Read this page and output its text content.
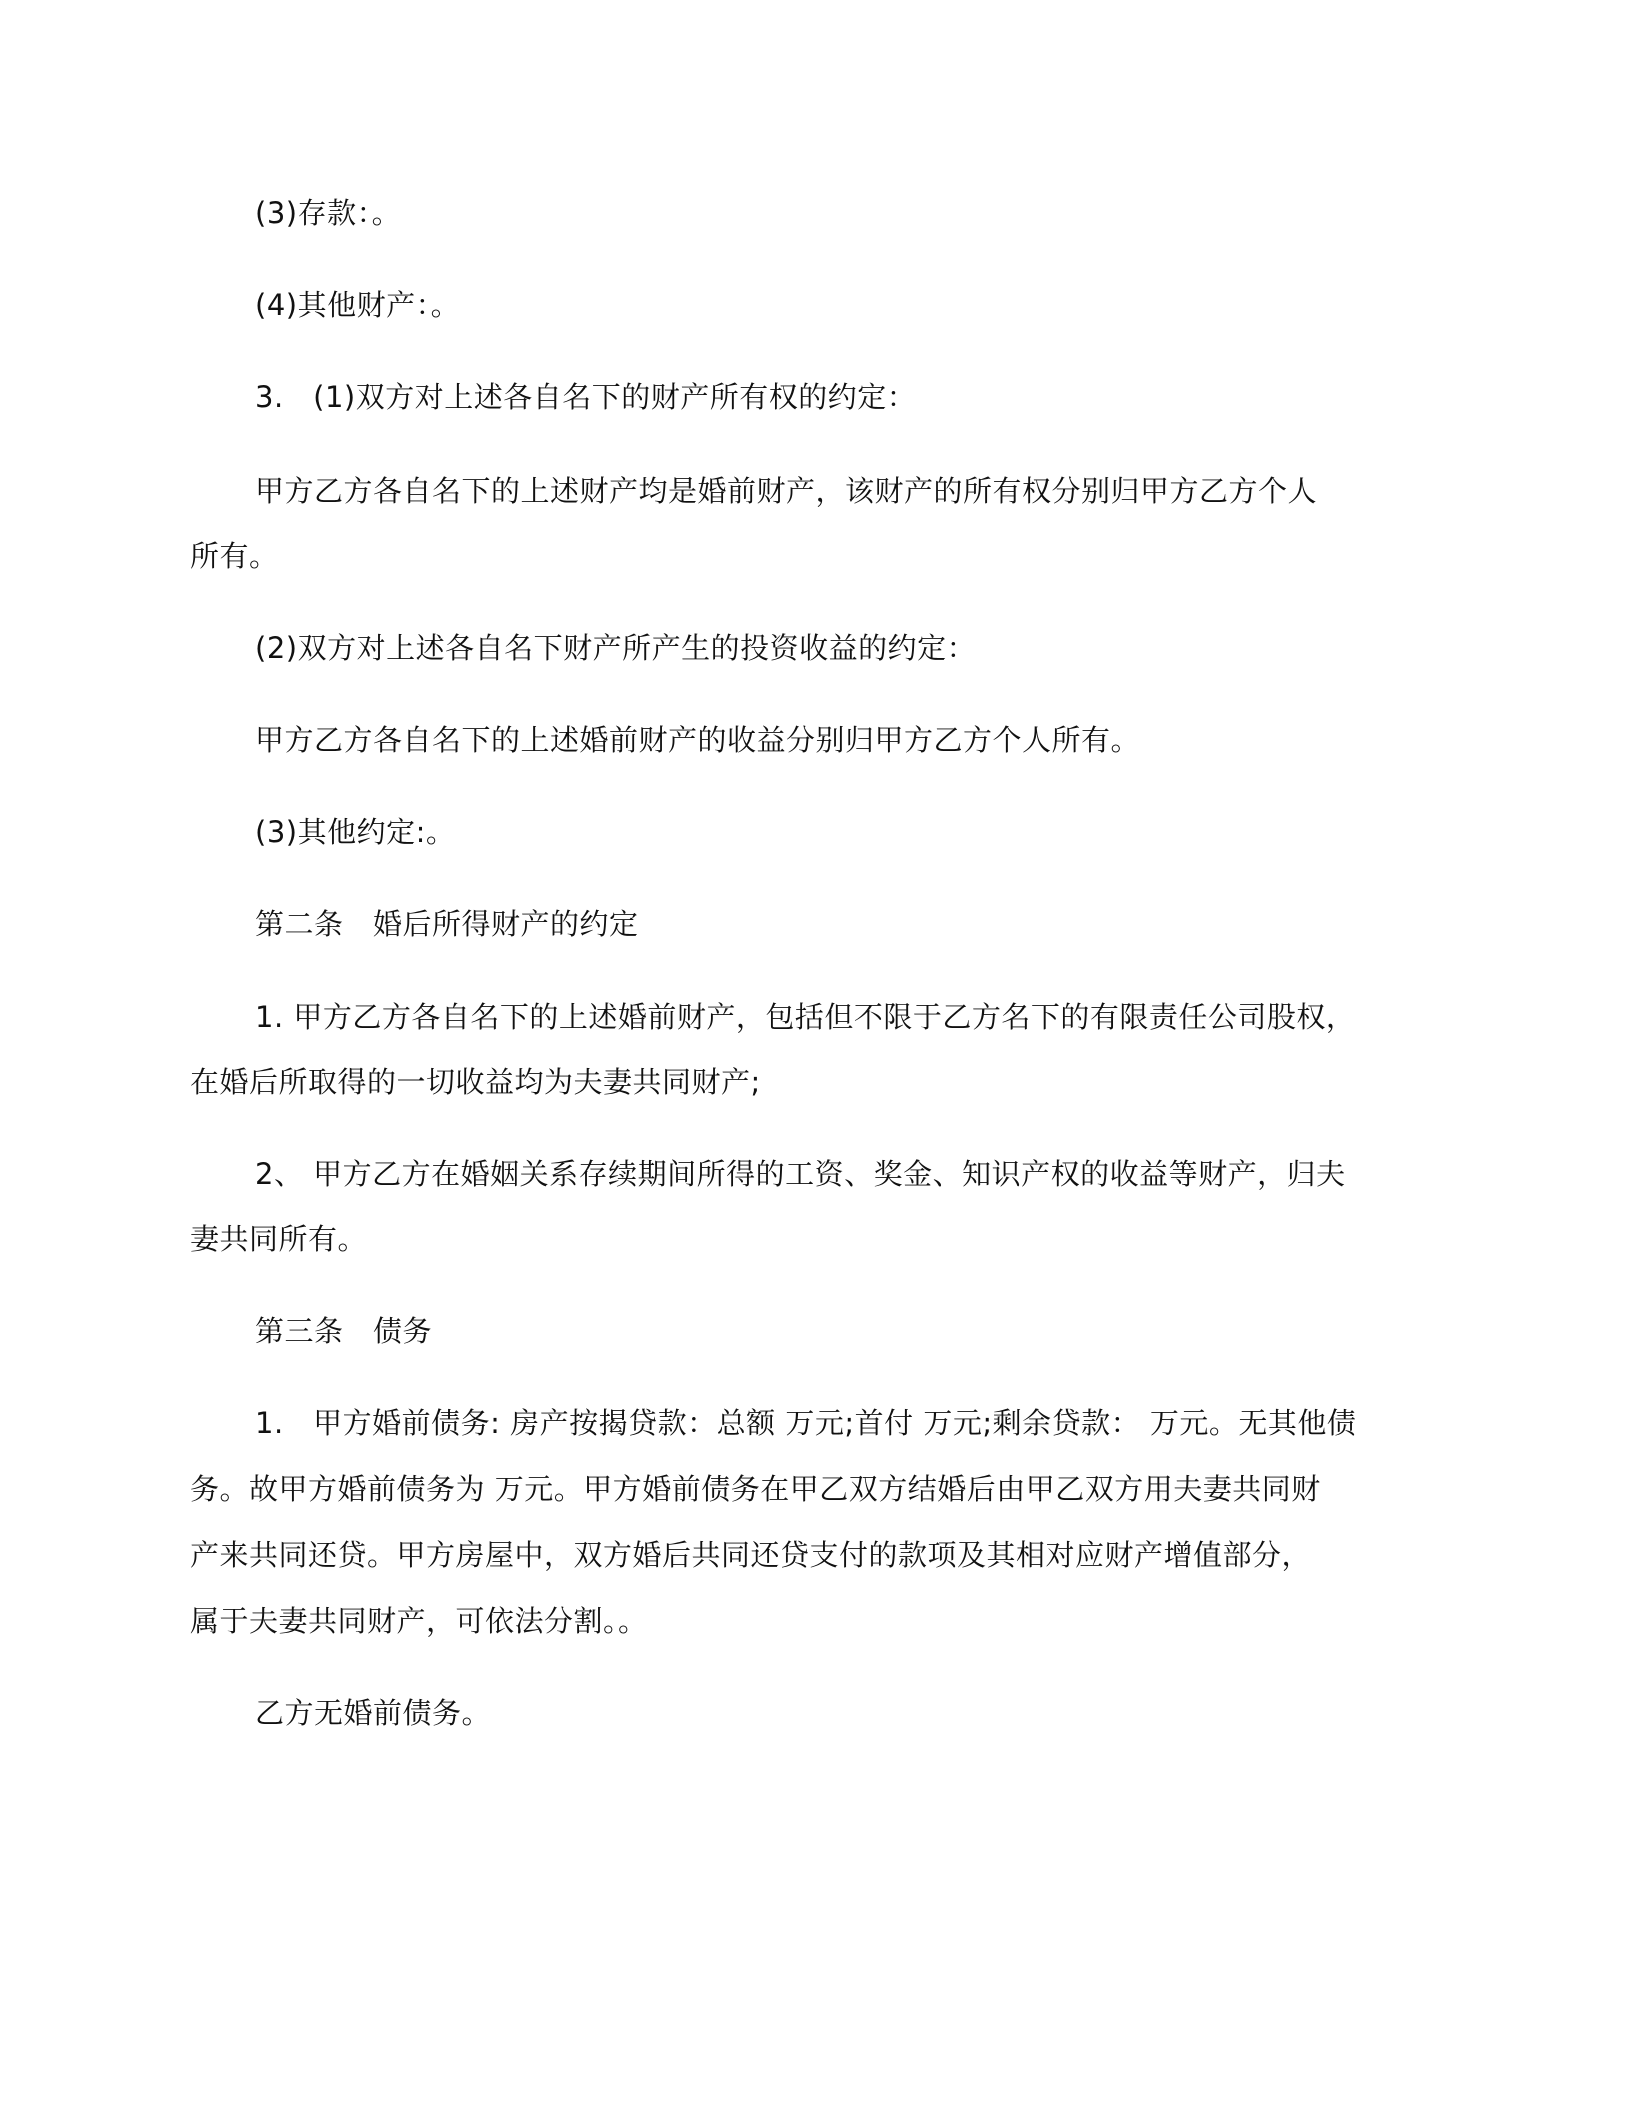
(3)存款：。

(4)其他财产：。

3.　(1)双方对上述各自名下的财产所有权的约定：

甲方乙方各自名下的上述财产均是婚前财产，该财产的所有权分别归甲方乙方个人

所有。

(2)双方对上述各自名下财产所产生的投资收益的约定：

甲方乙方各自名下的上述婚前财产的收益分别归甲方乙方个人所有。

(3)其他约定:。

第二条　婚后所得财产的约定

1. 甲方乙方各自名下的上述婚前财产，包括但不限于乙方名下的有限责任公司股权，

在婚后所取得的一切收益均为夫妻共同财产;

2、 甲方乙方在婚姻关系存续期间所得的工资、奖金、知识产权的收益等财产，归夫

妻共同所有。

第三条　债务

1.　甲方婚前债务: 房产按揭贷款：总额 万元;首付 万元;剩余贷款： 万元。无其他债

务。故甲方婚前债务为 万元。甲方婚前债务在甲乙双方结婚后由甲乙双方用夫妻共同财

产来共同还贷。甲方房屋中，双方婚后共同还贷支付的款项及其相对应财产增值部分，

属于夫妻共同财产，可依法分割。。

乙方无婚前债务。
